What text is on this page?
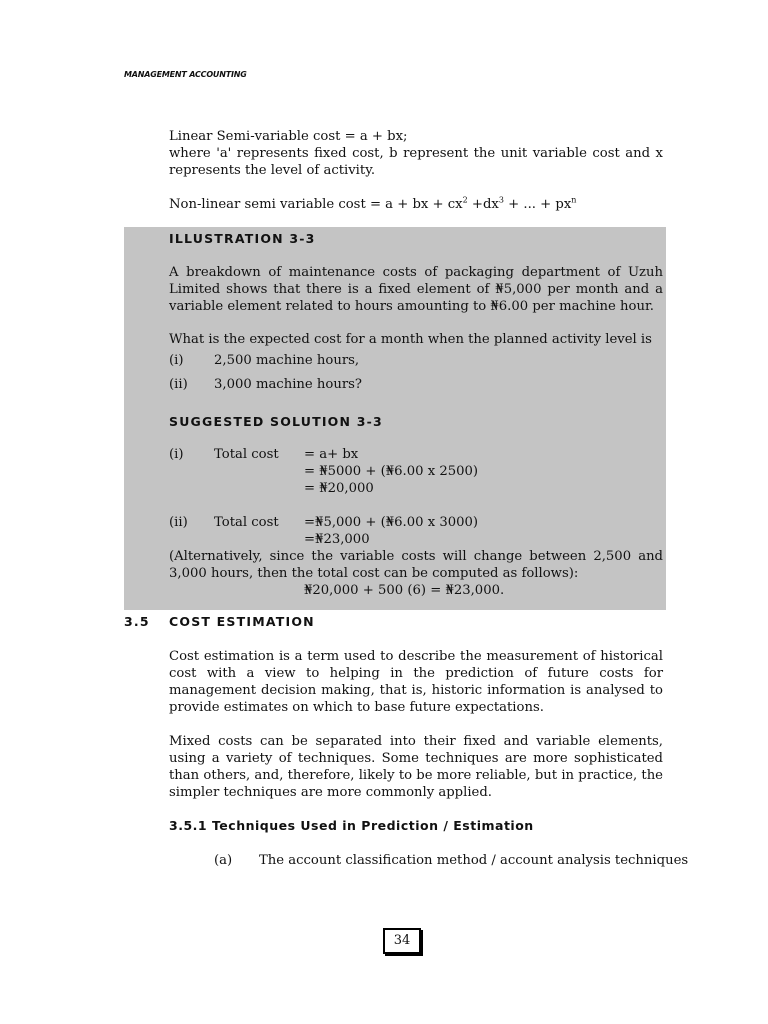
MANAGEMENT ACCOUNTING
Linear Semi-variable cost = a + bx;
where 'a' represents fixed cost, b represent the unit variable cost and x represents the level of activity.
Non-linear semi variable cost = a + bx + $cx^2 +dx^3$ + ... + $px^n$
ILLUSTRATION 3-3
A breakdown of maintenance costs of packaging department of Uzuh Limited shows that there is a fixed element of ₦5,000 per month and a variable element related to hours amounting to ₦6.00 per machine hour.
What is the expected cost for a month when the planned activity level is
(i) 2,500 machine hours,
(ii) 3,000 machine hours?
SUGGESTED SOLUTION 3-3
(i) Total cost = a+ bx
= ₦5000 + (₦6.00 x 2500)
= ₦20,000
(ii) Total cost =₦5,000 + (₦6.00 x 3000)
=₦23,000
(Alternatively, since the variable costs will change between 2,500 and 3,000 hours, then the total cost can be computed as follows):
₦20,000 + 500 (6) = ₦23,000.
3.5 COST ESTIMATION
Cost estimation is a term used to describe the measurement of historical cost with a view to helping in the prediction of future costs for management decision making, that is, historic information is analysed to provide estimates on which to base future expectations.
Mixed costs can be separated into their fixed and variable elements, using a variety of techniques. Some techniques are more sophisticated than others, and, therefore, likely to be more reliable, but in practice, the simpler techniques are more commonly applied.
3.5.1 Techniques Used in Prediction / Estimation
(a) The account classification method / account analysis techniques
34
